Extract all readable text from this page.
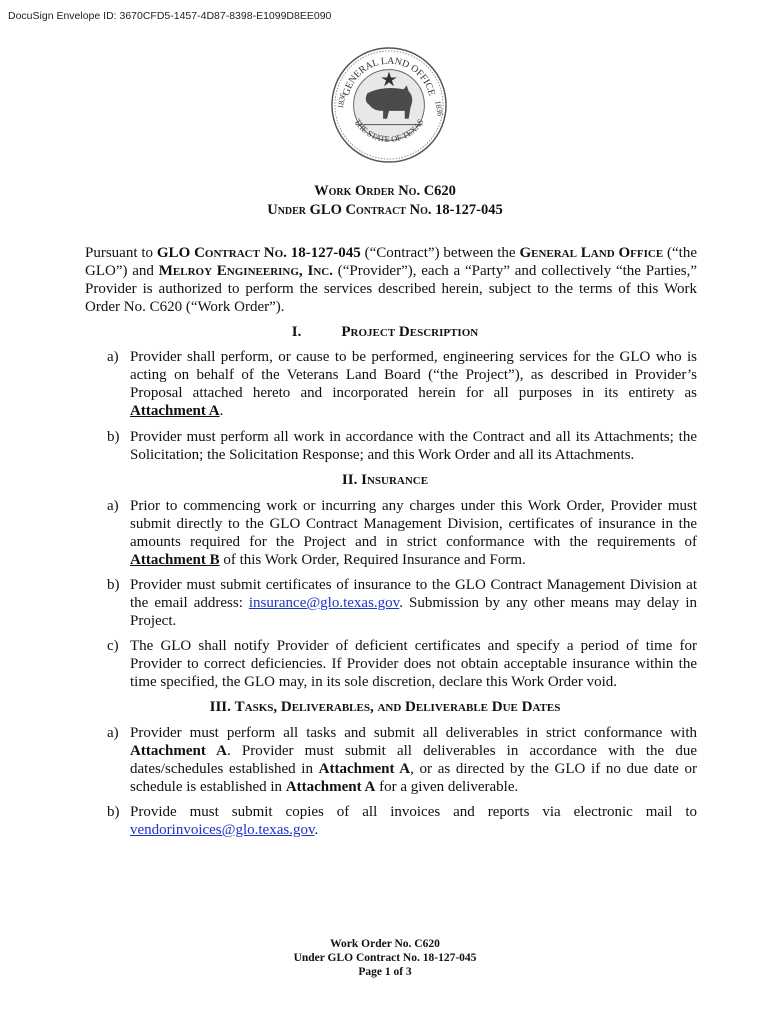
DocuSign Envelope ID: 3670CFD5-1457-4D87-8398-E1099D8EE090
GENERAL LAND OFFICE
THE STATE OF TEXAS
1836	1836
Work Order No. C620
Under GLO Contract No. 18-127-045
Pursuant to GLO Contract No. 18-127-045 (“Contract”) between the General Land Office (“the GLO”) and Melroy Engineering, Inc. (“Provider”), each a “Party” and collectively “the Parties,” Provider is authorized to perform the services described herein, subject to the terms of this Work Order No. C620 (“Work Order”).
I.	Project Description
a) Provider shall perform, or cause to be performed, engineering services for the GLO who is acting on behalf of the Veterans Land Board (“the Project”), as described in Provider’s Proposal attached hereto and incorporated herein for all purposes in its entirety as Attachment A.
b) Provider must perform all work in accordance with the Contract and all its Attachments; the Solicitation; the Solicitation Response; and this Work Order and all its Attachments.
II. Insurance
a) Prior to commencing work or incurring any charges under this Work Order, Provider must submit directly to the GLO Contract Management Division, certificates of insurance in the amounts required for the Project and in strict conformance with the requirements of Attachment B of this Work Order, Required Insurance and Form.
b) Provider must submit certificates of insurance to the GLO Contract Management Division at the email address: insurance@glo.texas.gov. Submission by any other means may delay in Project.
c) The GLO shall notify Provider of deficient certificates and specify a period of time for Provider to correct deficiencies. If Provider does not obtain acceptable insurance within the time specified, the GLO may, in its sole discretion, declare this Work Order void.
III. Tasks, Deliverables, and Deliverable Due Dates
a) Provider must perform all tasks and submit all deliverables in strict conformance with Attachment A. Provider must submit all deliverables in accordance with the due dates/schedules established in Attachment A, or as directed by the GLO if no due date or schedule is established in Attachment A for a given deliverable.
b) Provide must submit copies of all invoices and reports via electronic mail to vendorinvoices@glo.texas.gov.
Work Order No. C620
Under GLO Contract No. 18-127-045
Page 1 of 3
